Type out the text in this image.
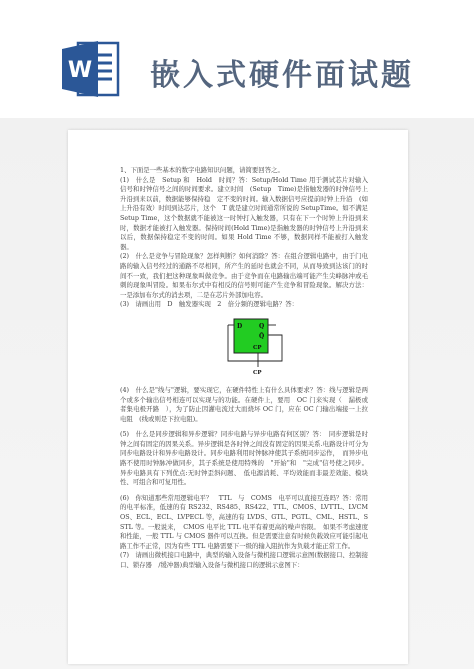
W 嵌入式硬件面试题

1、下面是一些基本的数字电路知识问题，请简要回答之。

(1)　什么是　Setup 和　Hold　时间？答：Setup/Hold Time 用于测试芯片对输入信号和时钟信号之间的时间要求。建立时间　(Setup　Time)是指触发器的时钟信号上升沿到来以前，数据能够保持稳　定不变的时间。输入数据信号应提前时钟上升沿　(如上升沿有效）时间到达芯片，这个　T 就是建立时间通常所说的 SetupTime。如不满足 Setup Time，这个数据就不能被这一时钟打入触发器，只有在下一个时钟上升沿到来时，数据才能被打入触发器。保持时间(Hold Time)是指触发器的时钟信号上升沿到来以后，数据保持稳定不变的时间。如果 Hold Time 不够，数据同样不能被打入触发器。

(2)　什么是竞争与冒险现象？怎样判断？如何消除？答：在组合逻辑电路中，由于门电路的输入信号经过的通路不尽相同，所产生的延时也就会不同，从而导致到达该门的时间不一致，我们把这种现象叫做竞争。由于竞争而在电路输出端可能产生尖峰脉冲或毛刺的现象叫冒险。如果布尔式中有相反的信号则可能产生竞争和冒险现象。解决方法：一是添加布尔式的消去项，二是在芯片外部加电容。

(3)　请画出用　D　触发器实现　2　倍分频的逻辑电路？答：

(4)　什么是"线与"逻辑，要实现它，在硬件特性上有什么具体要求？答：线与逻辑是两个或多个输出信号相连可以实现与的功能。在硬件上，要用　OC 门来实现（　漏极或者集电极开路　），为了防止因灌电流过大而烧坏 OC 门，应在 OC 门输出端接一上拉电阻　(线或则是下拉电阻)。

(5)　什么是同步逻辑和异步逻辑？同步电路与异步电路有何区别？答：　同步逻辑是时钟之间有固定的因果关系。异步逻辑是各时钟之间没有固定的因果关系.电路设计可分为同步电路设计和异步电路设计。同步电路利用时钟脉冲使其子系统同步运作，　而异步电路不使用时钟脉冲做同步，其子系统是使用特殊的　"开始"和　"完成"信号使之同步。异步电路具有下列优点:无时钟歪斜问题、　低电源消耗、平均效能而非最差效能、模块性、可组合和可复用性。

(6)　你知道那些常用逻辑电平？　TTL　与　COMS　电平可以直接互连吗？答：常用的电平标准，低速的有 RS232、RS485、RS422、TTL、CMOS、LVTTL、LVCMOS、ECL、ECL、LVPECL 等，高速的有 LVDS、GTL、PGTL、CML、HSTL、SSTL 等。一般说来，　CMOS 电平比 TTL 电平有着更高的噪声容限。　如果不考虑速度和性能，一般 TTL 与 CMOS 器件可以互换。但是需要注意有时候负载效应可能引起电路工作不正常，因为有些 TTL 电路需要下一级的输入阻抗作为负载才能正常工作。

(7)　请画出微机接口电路中，典型的输入设备与微机接口逻辑示意图(数据接口、控制接口、锁存器　/缓冲器)典型输入设备与微机接口的逻辑示意图下：

D	Q
Q̄
CP
CP
